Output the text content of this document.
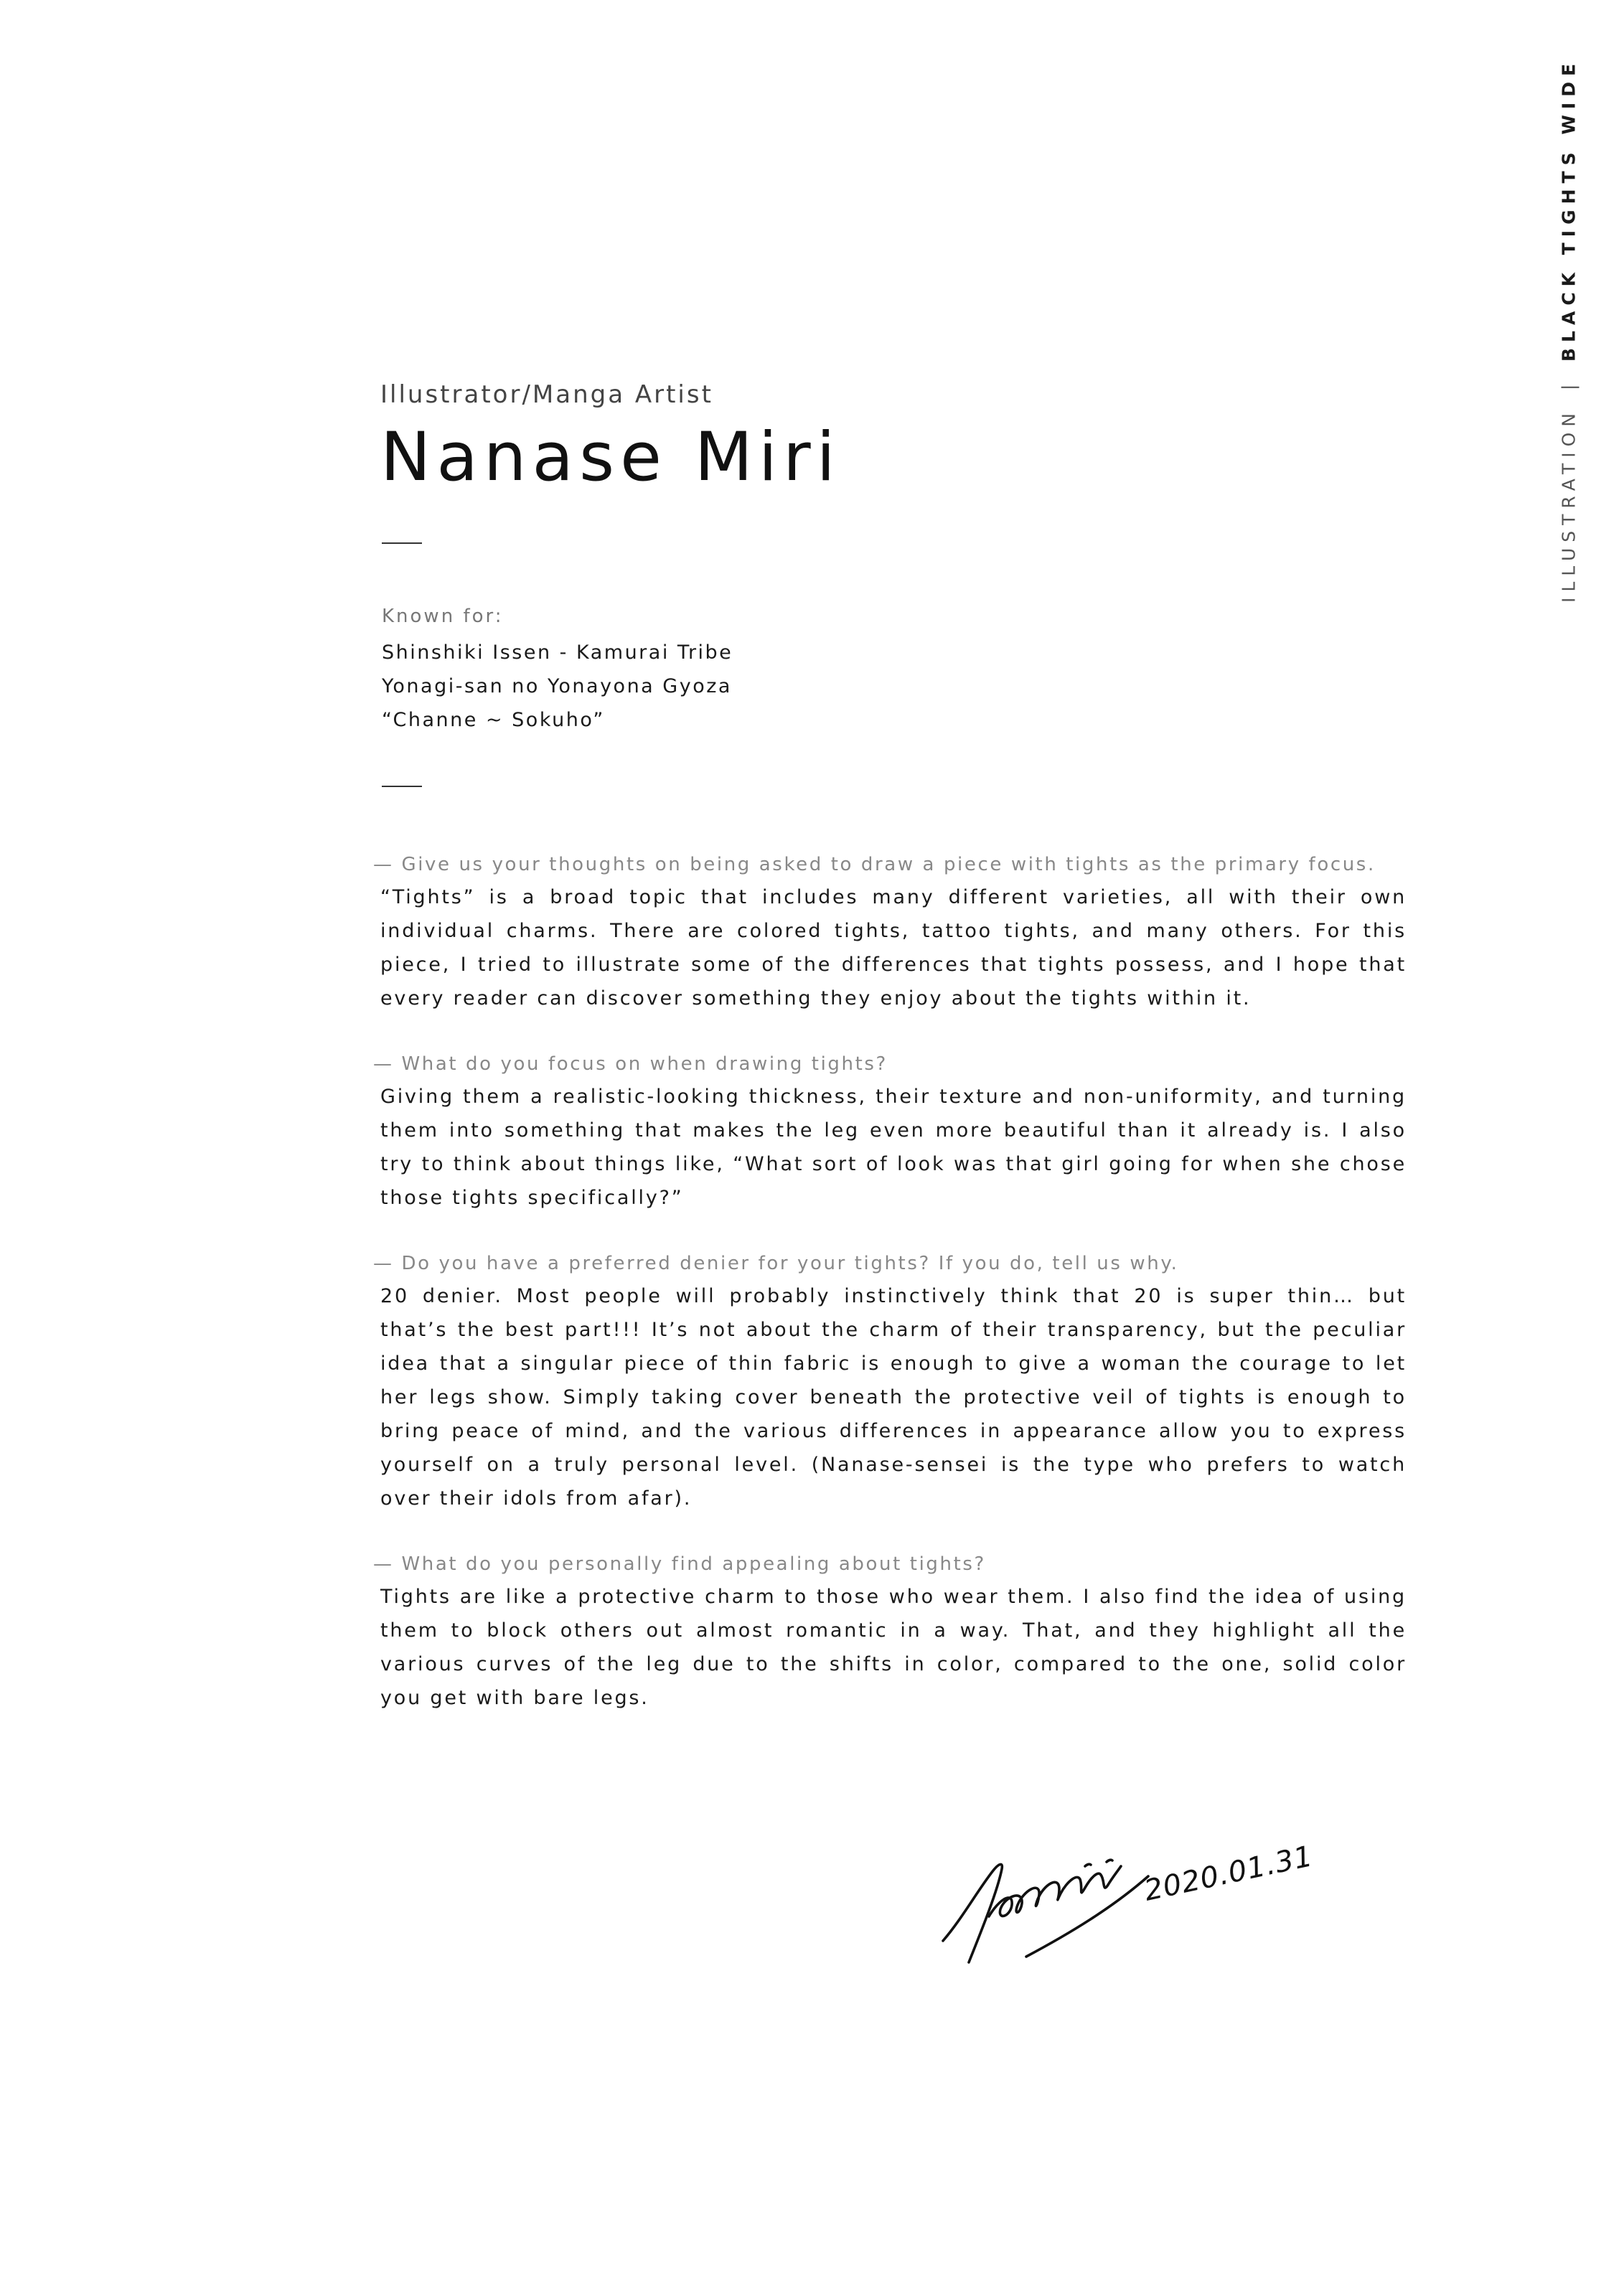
ILLUSTRATION
|
BLACK TIGHTS WIDE

Illustrator/Manga Artist

Nanase Miri
Known for:
Shinshiki Issen - Kamurai Tribe
Yonagi-san no Yonayona Gyoza
“Channe ~ Sokuho”
— Give us your thoughts on being asked to draw a piece with tights as the primary focus.

“Tights” is a broad topic that includes many different varieties, all with their own individual charms. There are colored tights, tattoo tights, and many others. For this piece, I tried to illustrate some of the differences that tights possess, and I hope that every reader can discover something they enjoy about the tights within it.

— What do you focus on when drawing tights?

Giving them a realistic-looking thickness, their texture and non-uniformity, and turning them into something that makes the leg even more beautiful than it already is. I also try to think about things like, “What sort of look was that girl going for when she chose those tights specifically?”

— Do you have a preferred denier for your tights? If you do, tell us why.

20 denier. Most people will probably instinctively think that 20 is super thin… but that’s the best part!!! It’s not about the charm of their transparency, but the peculiar idea that a singular piece of thin fabric is enough to give a woman the courage to let her legs show. Simply taking cover beneath the protective veil of tights is enough to bring peace of mind, and the various differences in appearance allow you to express yourself on a truly personal level. (Nanase-sensei is the type who prefers to watch over their idols from afar).

— What do you personally find appealing about tights?

Tights are like a protective charm to those who wear them. I also find the idea of using them to block others out almost romantic in a way. That, and they highlight all the various curves of the leg due to the shifts in color, compared to the one, solid color you get with bare legs.

2020.01.31
